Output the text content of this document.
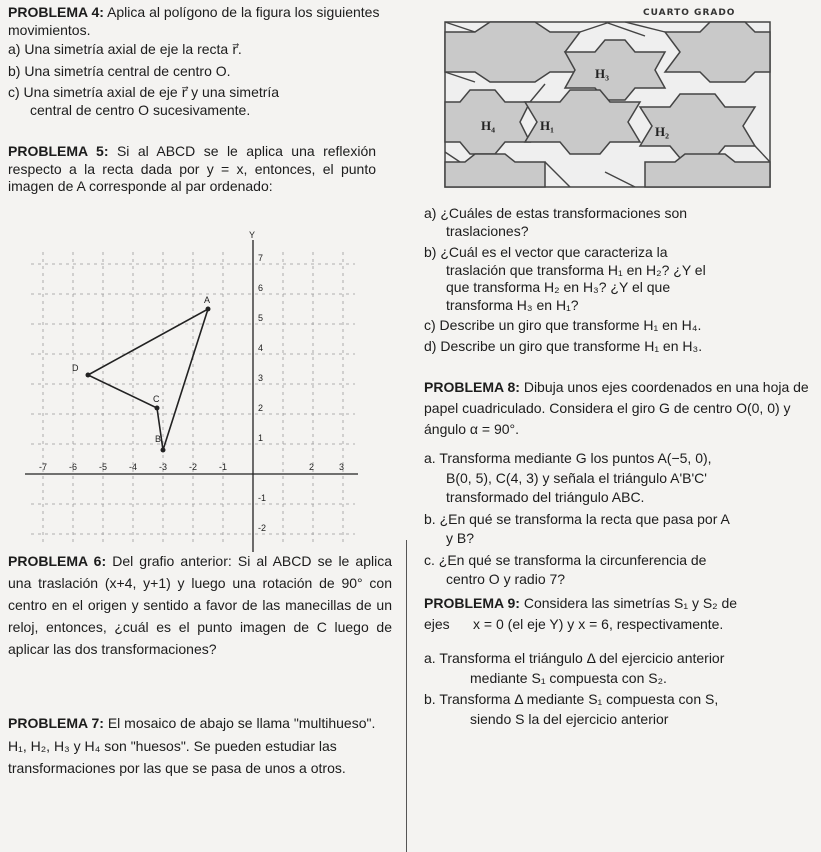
CUARTO GRADO

PROBLEMA 4: Aplica al polígono de la figura los siguientes movimientos.

a) Una simetría axial de eje la recta r⃗.

b) Una simetría central de centro O.

c) Una simetría axial de eje r⃗ y una simetría

central de centro O sucesivamente.

PROBLEMA 5: Si al ABCD se le aplica una reflexión respecto a la recta dada por y = x, entonces, el punto imagen de A corresponde al par ordenado:

Y
7
6
5
4
3
2
1
-1
-2
-7 -6 -5 -4 -3 -2 -1	2	3
A
B
C
D

PROBLEMA 6: Del grafio anterior: Si al ABCD se le aplica una traslación (x+4, y+1) y luego una rotación de 90° con centro en el origen y sentido a favor de las manecillas de un reloj, entonces, ¿cuál es el punto imagen de C luego de aplicar las dos transformaciones?

PROBLEMA 7: El mosaico de abajo se llama "multihueso". H₁, H₂, H₃ y H₄ son "huesos". Se pueden estudiar las transformaciones por las que se pasa de unos a otros.

H₃
H₄	H₁	H₂

a) ¿Cuáles de estas transformaciones son

traslaciones?

b) ¿Cuál es el vector que caracteriza la

traslación que transforma H₁ en H₂? ¿Y el

que transforma H₂ en H₃? ¿Y el que

transforma H₃ en H₁?

c) Describe un giro que transforme H₁ en H₄.

d) Describe un giro que transforme H₁ en H₃.

PROBLEMA 8: Dibuja unos ejes coordenados en una hoja de papel cuadriculado. Considera el giro G de centro O(0, 0) y ángulo α = 90°.

a. Transforma mediante G los puntos A(−5, 0),

B(0, 5), C(4, 3) y señala el triángulo A'B'C'

transformado del triángulo ABC.

b. ¿En qué se transforma la recta que pasa por A

y B?

c. ¿En qué se transforma la circunferencia de

centro O y radio 7?

PROBLEMA 9: Considera las simetrías S₁ y S₂ de

ejes      x = 0 (el eje Y) y x = 6, respectivamente.

a. Transforma el triángulo Δ del ejercicio anterior

mediante S₁ compuesta con S₂.

b. Transforma Δ mediante S₁ compuesta con S,

siendo S la del ejercicio anterior
